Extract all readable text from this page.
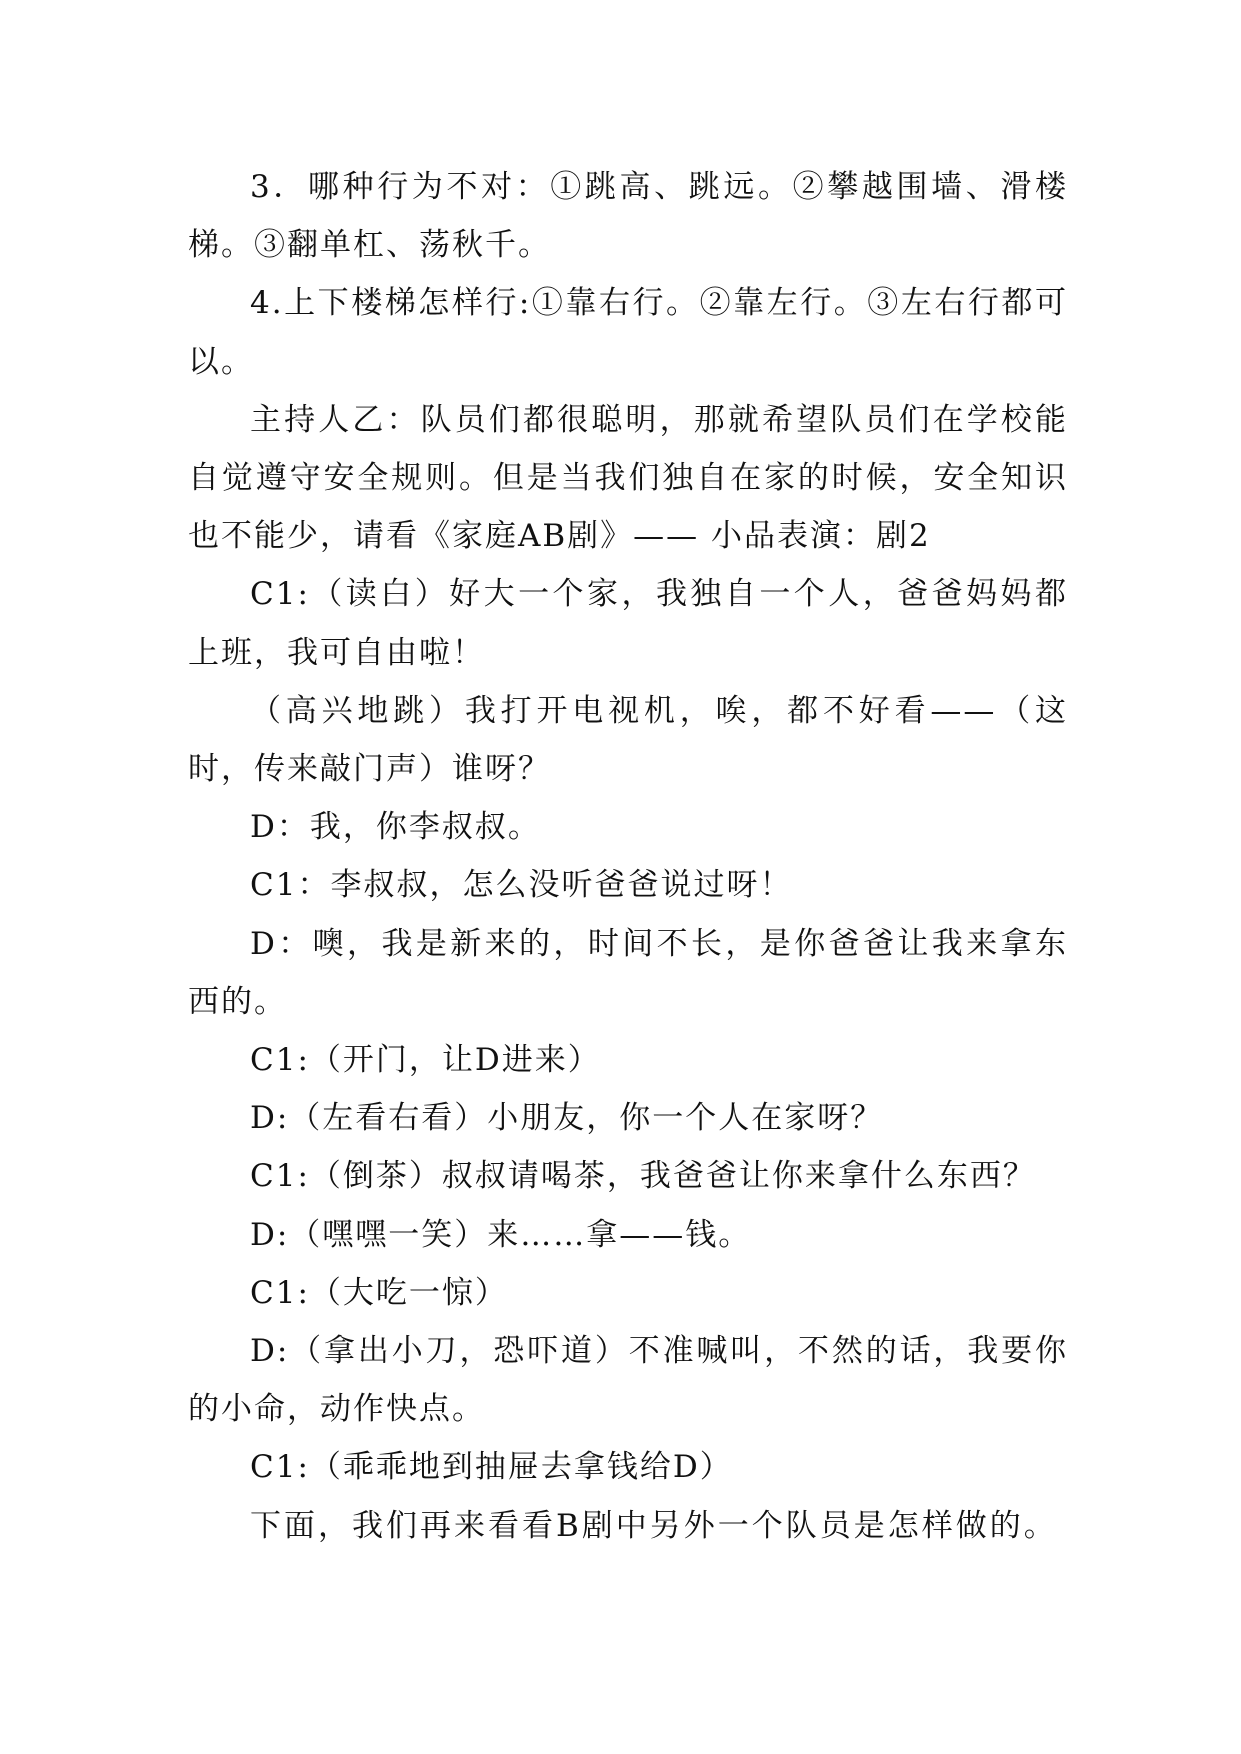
3．哪种行为不对：①跳高、跳远。②攀越围墙、滑楼梯。③翻单杠、荡秋千。

4.上下楼梯怎样行:①靠右行。②靠左行。③左右行都可以。

主持人乙：队员们都很聪明，那就希望队员们在学校能自觉遵守安全规则。但是当我们独自在家的时候，安全知识也不能少，请看《家庭AB剧》—— 小品表演：剧2

C1:（读白）好大一个家，我独自一个人，爸爸妈妈都上班，我可自由啦！

（高兴地跳）我打开电视机，唉，都不好看——（这时，传来敲门声）谁呀？

D：我，你李叔叔。

C1：李叔叔，怎么没听爸爸说过呀！

D：噢，我是新来的，时间不长，是你爸爸让我来拿东西的。

C1:（开门，让D进来）

D:（左看右看）小朋友，你一个人在家呀？

C1:（倒茶）叔叔请喝茶，我爸爸让你来拿什么东西？

D:（嘿嘿一笑）来……拿——钱。

C1:（大吃一惊）

D:（拿出小刀，恐吓道）不准喊叫，不然的话，我要你的小命，动作快点。

C1:（乖乖地到抽屉去拿钱给D）

下面，我们再来看看B剧中另外一个队员是怎样做的。
